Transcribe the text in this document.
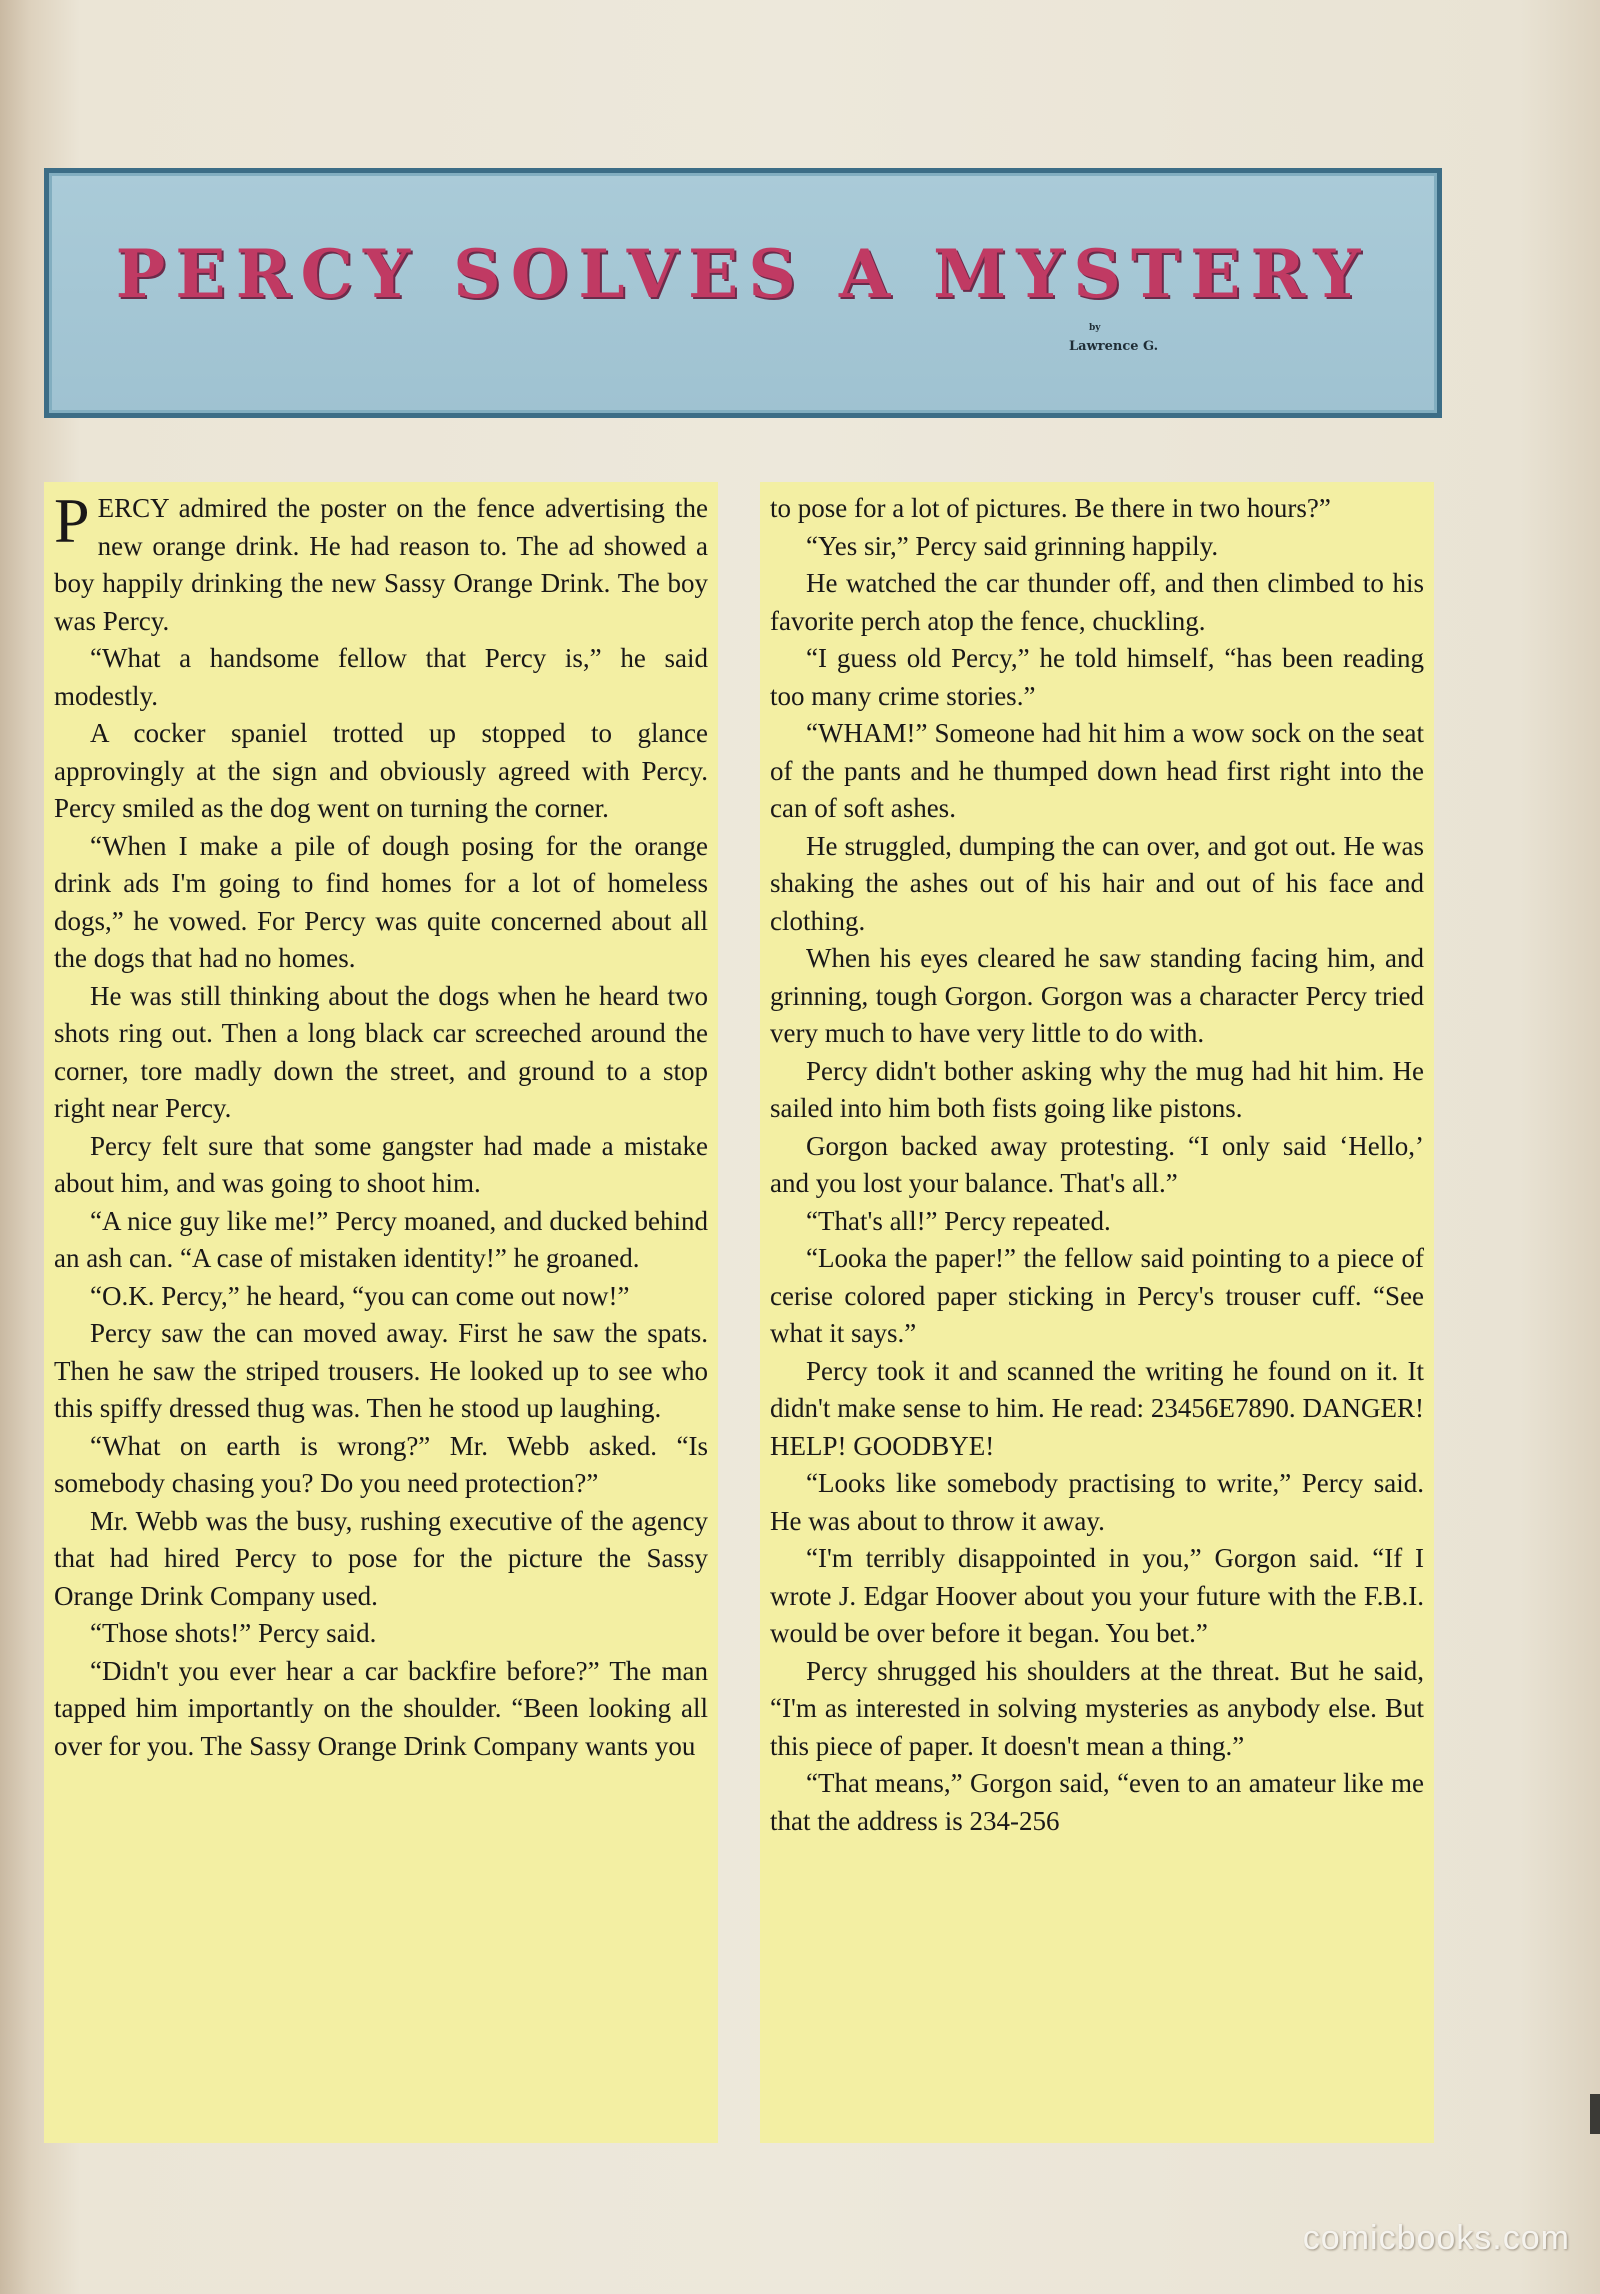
PERCY SOLVES A MYSTERY
by
Lawrence G.

PERCY admired the poster on the fence advertising the new orange drink. He had reason to. The ad showed a boy happily drinking the new Sassy Orange Drink. The boy was Percy.

“What a handsome fellow that Percy is,” he said modestly.

A cocker spaniel trotted up stopped to glance approvingly at the sign and obviously agreed with Percy. Percy smiled as the dog went on turning the corner.

“When I make a pile of dough posing for the orange drink ads I'm going to find homes for a lot of homeless dogs,” he vowed. For Percy was quite concerned about all the dogs that had no homes.

He was still thinking about the dogs when he heard two shots ring out. Then a long black car screeched around the corner, tore madly down the street, and ground to a stop right near Percy.

Percy felt sure that some gangster had made a mistake about him, and was going to shoot him.

“A nice guy like me!” Percy moaned, and ducked behind an ash can. “A case of mistaken identity!” he groaned.

“O.K. Percy,” he heard, “you can come out now!”

Percy saw the can moved away. First he saw the spats. Then he saw the striped trousers. He looked up to see who this spiffy dressed thug was. Then he stood up laughing.

“What on earth is wrong?” Mr. Webb asked. “Is somebody chasing you? Do you need protection?”

Mr. Webb was the busy, rushing executive of the agency that had hired Percy to pose for the picture the Sassy Orange Drink Company used.

“Those shots!” Percy said.

“Didn't you ever hear a car backfire before?” The man tapped him importantly on the shoulder. “Been looking all over for you. The Sassy Orange Drink Company wants you

to pose for a lot of pictures. Be there in two hours?”

“Yes sir,” Percy said grinning happily.

He watched the car thunder off, and then climbed to his favorite perch atop the fence, chuckling.

“I guess old Percy,” he told himself, “has been reading too many crime stories.”

“WHAM!” Someone had hit him a wow sock on the seat of the pants and he thumped down head first right into the can of soft ashes.

He struggled, dumping the can over, and got out. He was shaking the ashes out of his hair and out of his face and clothing.

When his eyes cleared he saw standing facing him, and grinning, tough Gorgon. Gorgon was a character Percy tried very much to have very little to do with.

Percy didn't bother asking why the mug had hit him. He sailed into him both fists going like pistons.

Gorgon backed away protesting. “I only said ‘Hello,’ and you lost your balance. That's all.”

“That's all!” Percy repeated.

“Looka the paper!” the fellow said pointing to a piece of cerise colored paper sticking in Percy's trouser cuff. “See what it says.”

Percy took it and scanned the writing he found on it. It didn't make sense to him. He read: 23456E7890. DANGER! HELP! GOODBYE!

“Looks like somebody practising to write,” Percy said. He was about to throw it away.

“I'm terribly disappointed in you,” Gorgon said. “If I wrote J. Edgar Hoover about you your future with the F.B.I. would be over before it began. You bet.”

Percy shrugged his shoulders at the threat. But he said, “I'm as interested in solving mysteries as anybody else. But this piece of paper. It doesn't mean a thing.”

“That means,” Gorgon said, “even to an amateur like me that the address is 234-256

comicbooks.com
